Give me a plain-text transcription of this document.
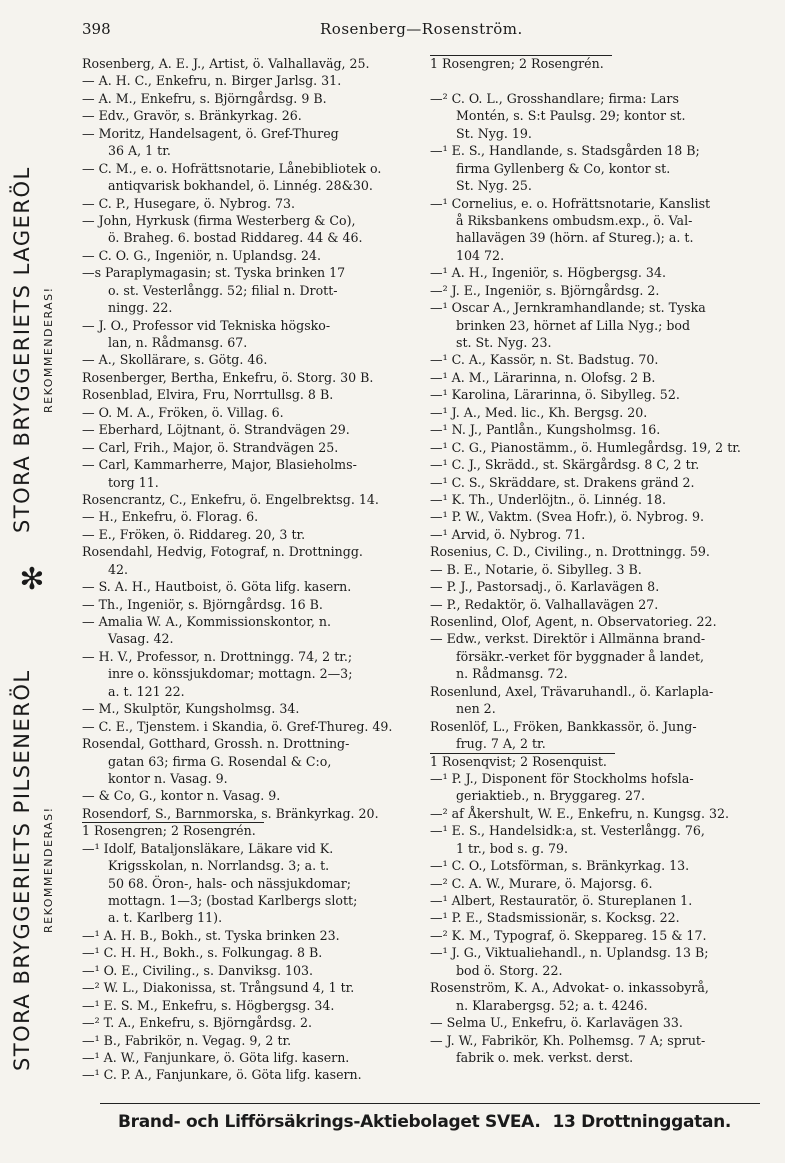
398	Rosenberg—Rosenström.
STORA BRYGGERIETS LAGERÖL REKOMMENDERAS!
STORA BRYGGERIETS PILSENERÖL REKOMMENDERAS!
✻
Rosenberg, A. E. J., Artist, ö. Valhallaväg, 25.
— A. H. C., Enkefru, n. Birger Jarlsg. 31.
— A. M., Enkefru, s. Björngårdsg. 9 B.
— Edv., Gravör, s. Bränkyrkag. 26.
— Moritz, Handelsagent, ö. Gref-Thureg
36 A, 1 tr.
— C. M., e. o. Hofrättsnotarie, Lånebibliotek o.
antiqvarisk bokhandel, ö. Linnég. 28&30.
— C. P., Husegare, ö. Nybrog. 73.
— John, Hyrkusk (firma Westerberg & Co),
ö. Braheg. 6. bostad Riddareg. 44 & 46.
— C. O. G., Ingeniör, n. Uplandsg. 24.
—s Paraplymagasin; st. Tyska brinken 17
o. st. Vesterlångg. 52; filial n. Drott-
ningg. 22.
— J. O., Professor vid Tekniska högsko-
lan, n. Rådmansg. 67.
— A., Skollärare, s. Götg. 46.
Rosenberger, Bertha, Enkefru, ö. Storg. 30 B.
Rosenblad, Elvira, Fru, Norrtullsg. 8 B.
— O. M. A., Fröken, ö. Villag. 6.
— Eberhard, Löjtnant, ö. Strandvägen 29.
— Carl, Frih., Major, ö. Strandvägen 25.
— Carl, Kammarherre, Major, Blasieholms-
torg 11.
Rosencrantz, C., Enkefru, ö. Engelbrektsg. 14.
— H., Enkefru, ö. Florag. 6.
— E., Fröken, ö. Riddareg. 20, 3 tr.
Rosendahl, Hedvig, Fotograf, n. Drottningg.
42.
— S. A. H., Hautboist, ö. Göta lifg. kasern.
— Th., Ingeniör, s. Björngårdsg. 16 B.
— Amalia W. A., Kommissionskontor, n.
Vasag. 42.
— H. V., Professor, n. Drottningg. 74, 2 tr.;
inre o. könssjukdomar; mottagn. 2—3;
a. t. 121 22.
— M., Skulptör, Kungsholmsg. 34.
— C. E., Tjenstem. i Skandia, ö. Gref-Thureg. 49.
Rosendal, Gotthard, Grossh. n. Drottning-
gatan 63; firma G. Rosendal & C:o,
kontor n. Vasag. 9.
— & Co, G., kontor n. Vasag. 9.
Rosendorf, S., Barnmorska, s. Bränkyrkag. 20.
1 Rosengren; 2 Rosengrén.
—¹ Idolf, Bataljonsläkare, Läkare vid K.
Krigsskolan, n. Norrlandsg. 3; a. t.
50 68. Öron-, hals- och nässjukdomar;
mottagn. 1—3; (bostad Karlbergs slott;
a. t. Karlberg 11).
—¹ A. H. B., Bokh., st. Tyska brinken 23.
—¹ C. H. H., Bokh., s. Folkungag. 8 B.
—¹ O. E., Civiling., s. Danviksg. 103.
—² W. L., Diakonissa, st. Trångsund 4, 1 tr.
—¹ E. S. M., Enkefru, s. Högbergsg. 34.
—² T. A., Enkefru, s. Björngårdsg. 2.
—¹ B., Fabrikör, n. Vegag. 9, 2 tr.
—¹ A. W., Fanjunkare, ö. Göta lifg. kasern.
—¹ C. P. A., Fanjunkare, ö. Göta lifg. kasern.
1 Rosengren; 2 Rosengrén.
—² C. O. L., Grosshandlare; firma: Lars
Montén, s. S:t Paulsg. 29; kontor st.
St. Nyg. 19.
—¹ E. S., Handlande, s. Stadsgården 18 B;
firma Gyllenberg & Co, kontor st.
St. Nyg. 25.
—¹ Cornelius, e. o. Hofrättsnotarie, Kanslist
å Riksbankens ombudsm.exp., ö. Val-
hallavägen 39 (hörn. af Stureg.); a. t.
104 72.
—¹ A. H., Ingeniör, s. Högbergsg. 34.
—² J. E., Ingeniör, s. Björngårdsg. 2.
—¹ Oscar A., Jernkramhandlande; st. Tyska
brinken 23, hörnet af Lilla Nyg.; bod
st. St. Nyg. 23.
—¹ C. A., Kassör, n. St. Badstug. 70.
—¹ A. M., Lärarinna, n. Olofsg. 2 B.
—¹ Karolina, Lärarinna, ö. Sibylleg. 52.
—¹ J. A., Med. lic., Kh. Bergsg. 20.
—¹ N. J., Pantlån., Kungsholmsg. 16.
—¹ C. G., Pianostämm., ö. Humlegårdsg. 19, 2 tr.
—¹ C. J., Skrädd., st. Skärgårdsg. 8 C, 2 tr.
—¹ C. S., Skräddare, st. Drakens gränd 2.
—¹ K. Th., Underlöjtn., ö. Linnég. 18.
—¹ P. W., Vaktm. (Svea Hofr.), ö. Nybrog. 9.
—¹ Arvid, ö. Nybrog. 71.
Rosenius, C. D., Civiling., n. Drottningg. 59.
— B. E., Notarie, ö. Sibylleg. 3 B.
— P. J., Pastorsadj., ö. Karlavägen 8.
— P., Redaktör, ö. Valhallavägen 27.
Rosenlind, Olof, Agent, n. Observatorieg. 22.
— Edw., verkst. Direktör i Allmänna brand-
försäkr.-verket för byggnader å landet,
n. Rådmansg. 72.
Rosenlund, Axel, Trävaruhandl., ö. Karlapla-
nen 2.
Rosenlöf, L., Fröken, Bankkassör, ö. Jung-
frug. 7 A, 2 tr.
1 Rosenqvist; 2 Rosenquist.
—¹ P. J., Disponent för Stockholms hofsla-
geriaktieb., n. Bryggareg. 27.
—² af Åkershult, W. E., Enkefru, n. Kungsg. 32.
—¹ E. S., Handelsidk:a, st. Vesterlångg. 76,
1 tr., bod s. g. 79.
—¹ C. O., Lotsförman, s. Bränkyrkag. 13.
—² C. A. W., Murare, ö. Majorsg. 6.
—¹ Albert, Restauratör, ö. Stureplanen 1.
—¹ P. E., Stadsmissionär, s. Kocksg. 22.
—² K. M., Typograf, ö. Skeppareg. 15 & 17.
—¹ J. G., Viktualiehandl., n. Uplandsg. 13 B;
bod ö. Storg. 22.
Rosenström, K. A., Advokat- o. inkassobyrå,
n. Klarabergsg. 52; a. t. 4246.
— Selma U., Enkefru, ö. Karlavägen 33.
— J. W., Fabrikör, Kh. Polhemsg. 7 A; sprut-
fabrik o. mek. verkst. derst.
Brand- och Lifförsäkrings-Aktiebolaget SVEA. 13 Drottninggatan.
